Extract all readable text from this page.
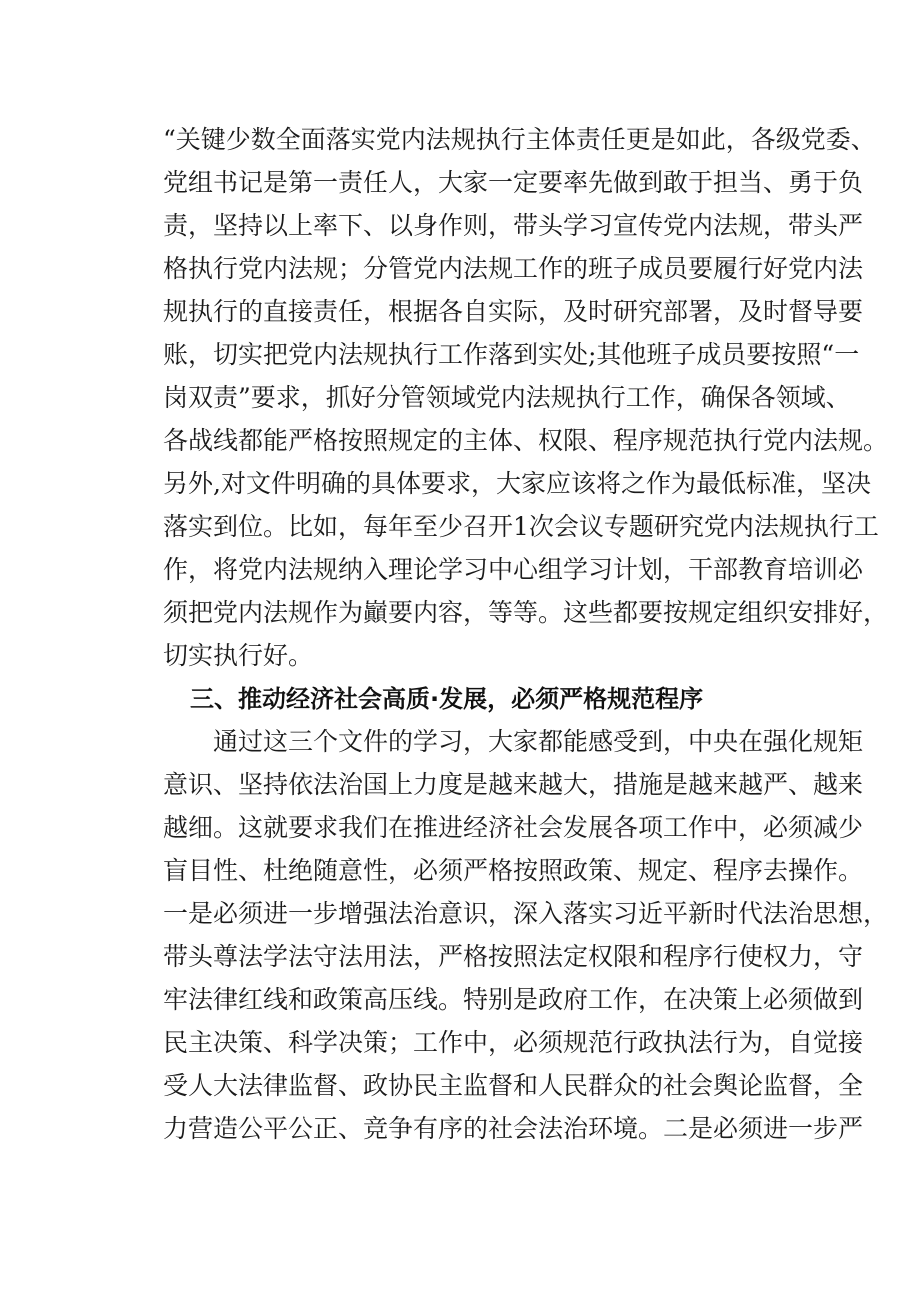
“关键少数全面落实党内法规执行主体责任更是如此，各级党委、
党组书记是第一责任人，大家一定要率先做到敢于担当、勇于负
责，坚持以上率下、以身作则，带头学习宣传党内法规，带头严
格执行党内法规；分管党内法规工作的班子成员要履行好党内法
规执行的直接责任，根据各自实际，及时研究部署，及时督导要
账，切实把党内法规执行工作落到实处;其他班子成员要按照“一
岗双责”要求，抓好分管领域党内法规执行工作，确保各领域、
各战线都能严格按照规定的主体、权限、程序规范执行党内法规。
另外,对文件明确的具体要求，大家应该将之作为最低标准，坚决
落实到位。比如，每年至少召开1次会议专题研究党内法规执行工
作，将党内法规纳入理论学习中心组学习计划，干部教育培训必
须把党内法规作为巓要内容，等等。这些都要按规定组织安排好，
切实执行好。
三、推动经济社会高质·发展，必须严格规范程序
通过这三个文件的学习，大家都能感受到，中央在强化规矩
意识、坚持依法治国上力度是越来越大，措施是越来越严、越来
越细。这就要求我们在推进经济社会发展各项工作中，必须减少
盲目性、杜绝随意性，必须严格按照政策、规定、程序去操作。
一是必须进一步增强法治意识，深入落实习近平新时代法治思想，
带头尊法学法守法用法，严格按照法定权限和程序行使权力，守
牢法律红线和政策高压线。特别是政府工作，在决策上必须做到
民主决策、科学决策；工作中，必须规范行政执法行为，自觉接
受人大法律监督、政协民主监督和人民群众的社会舆论监督，全
力营造公平公正、竞争有序的社会法治环境。二是必须进一步严
